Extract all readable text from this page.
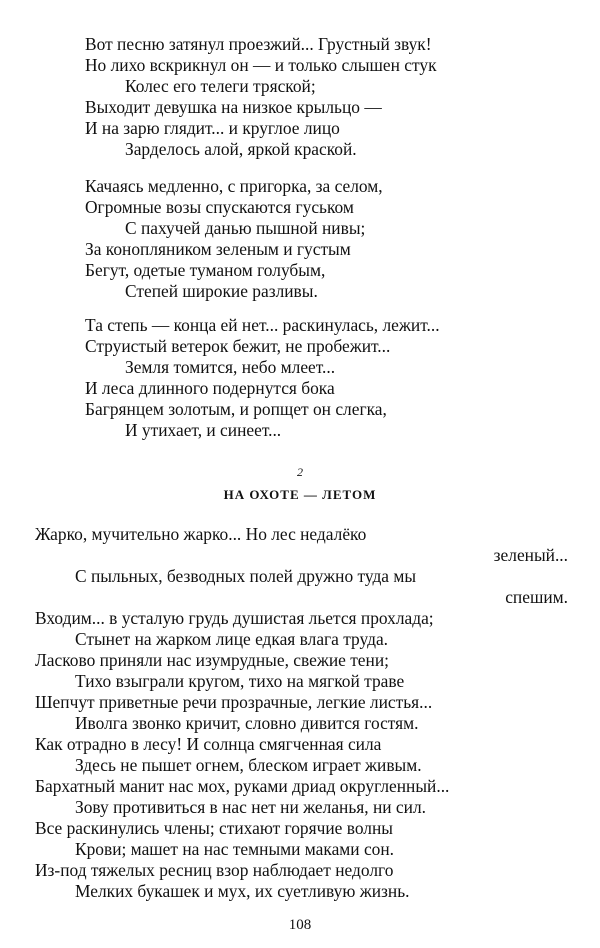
Вот песню затянул проезжий... Грустный звук!
Но лихо вскрикнул он — и только слышен стук
Колес его телеги тряской;
Выходит девушка на низкое крыльцо —
И на зарю глядит... и круглое лицо
Зарделось алой, яркой краской.
Качаясь медленно, с пригорка, за селом,
Огромные возы спускаются гуськом
С пахучей данью пышной нивы;
За конопляником зеленым и густым
Бегут, одетые туманом голубым,
Степей широкие разливы.
Та степь — конца ей нет... раскинулась, лежит...
Струистый ветерок бежит, не пробежит...
Земля томится, небо млеет...
И леса длинного подернутся бока
Багрянцем золотым, и ропщет он слегка,
И утихает, и синеет...
2
НА ОХОТЕ — ЛЕТОМ
Жарко, мучительно жарко... Но лес недалёко
зеленый...
С пыльных, безводных полей дружно туда мы
спешим.
Входим... в усталую грудь душистая льется прохлада;
Стынет на жарком лице едкая влага труда.
Ласково приняли нас изумрудные, свежие тени;
Тихо взыграли кругом, тихо на мягкой траве
Шепчут приветные речи прозрачные, легкие листья...
Иволга звонко кричит, словно дивится гостям.
Как отрадно в лесу! И солнца смягченная сила
Здесь не пышет огнем, блеском играет живым.
Бархатный манит нас мох, руками дриад округленный...
Зову противиться в нас нет ни желанья, ни сил.
Все раскинулись члены; стихают горячие волны
Крови; машет на нас темными маками сон.
Из-под тяжелых ресниц взор наблюдает недолго
Мелких букашек и мух, их суетливую жизнь.
108
